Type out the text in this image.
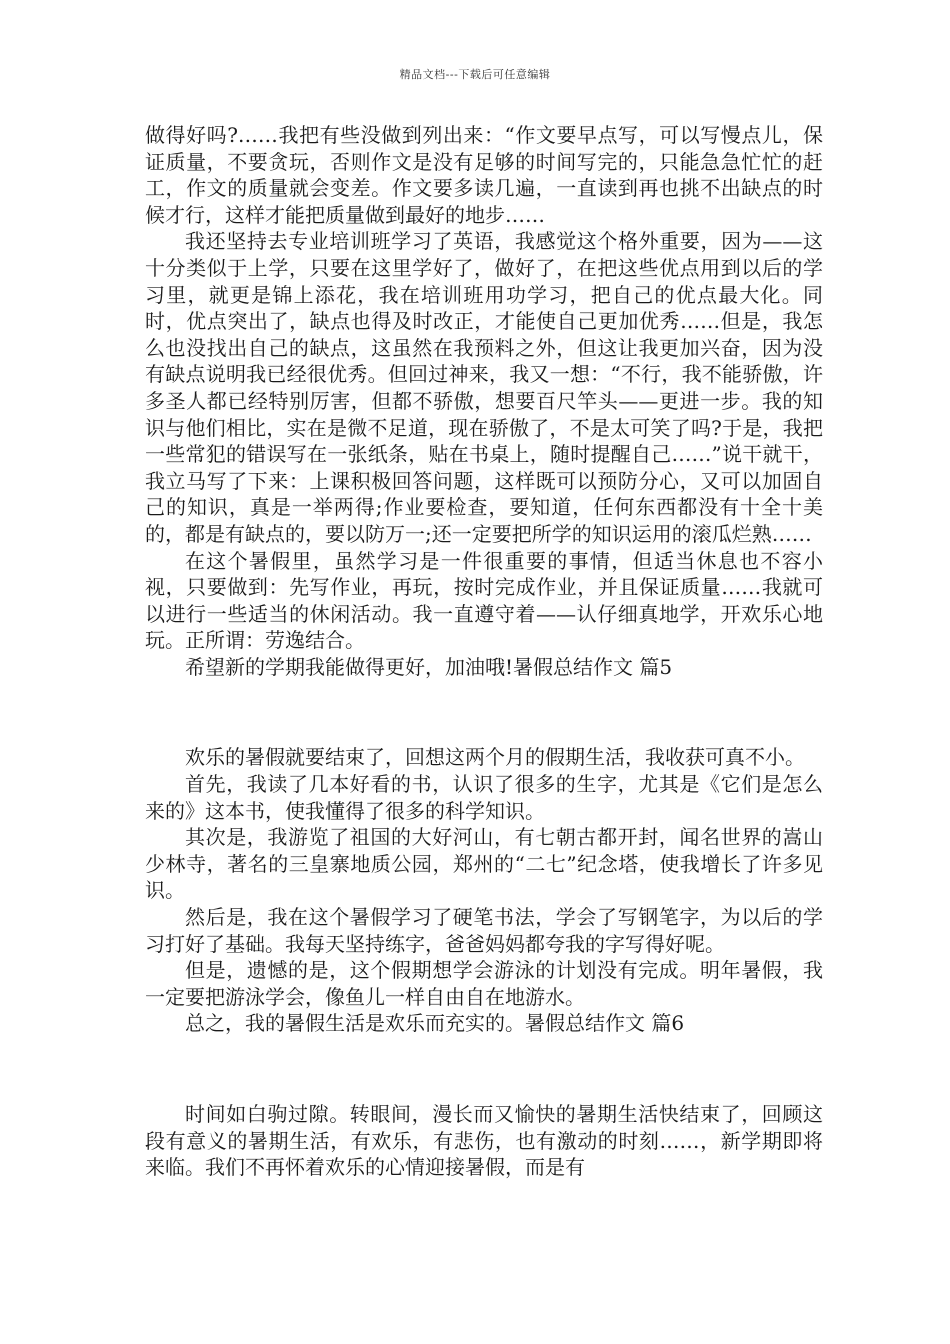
精品文档---下载后可任意编辑

做得好吗?……我把有些没做到列出来：“作文要早点写，可以写慢点儿，保证质量，不要贪玩，否则作文是没有足够的时间写完的，只能急急忙忙的赶工，作文的质量就会变差。作文要多读几遍，一直读到再也挑不出缺点的时候才行，这样才能把质量做到最好的地步……

我还坚持去专业培训班学习了英语，我感觉这个格外重要，因为——这十分类似于上学，只要在这里学好了，做好了，在把这些优点用到以后的学习里，就更是锦上添花，我在培训班用功学习，把自己的优点最大化。同时，优点突出了，缺点也得及时改正，才能使自己更加优秀……但是，我怎么也没找出自己的缺点，这虽然在我预料之外，但这让我更加兴奋，因为没有缺点说明我已经很优秀。但回过神来，我又一想：“不行，我不能骄傲，许多圣人都已经特别厉害，但都不骄傲，想要百尺竿头——更进一步。我的知识与他们相比，实在是微不足道，现在骄傲了，不是太可笑了吗?于是，我把一些常犯的错误写在一张纸条，贴在书桌上，随时提醒自己……”说干就干，我立马写了下来：上课积极回答问题，这样既可以预防分心，又可以加固自己的知识，真是一举两得;作业要检查，要知道，任何东西都没有十全十美的，都是有缺点的，要以防万一;还一定要把所学的知识运用的滚瓜烂熟……

在这个暑假里，虽然学习是一件很重要的事情，但适当休息也不容小视，只要做到：先写作业，再玩，按时完成作业，并且保证质量……我就可以进行一些适当的休闲活动。我一直遵守着——认仔细真地学，开欢乐心地玩。正所谓：劳逸结合。

希望新的学期我能做得更好，加油哦!暑假总结作文 篇5

欢乐的暑假就要结束了，回想这两个月的假期生活，我收获可真不小。

首先，我读了几本好看的书，认识了很多的生字，尤其是《它们是怎么来的》这本书，使我懂得了很多的科学知识。

其次是，我游览了祖国的大好河山，有七朝古都开封，闻名世界的嵩山少林寺，著名的三皇寨地质公园，郑州的“二七”纪念塔，使我增长了许多见识。

然后是，我在这个暑假学习了硬笔书法，学会了写钢笔字，为以后的学习打好了基础。我每天坚持练字，爸爸妈妈都夸我的字写得好呢。

但是，遗憾的是，这个假期想学会游泳的计划没有完成。明年暑假，我一定要把游泳学会，像鱼儿一样自由自在地游水。

总之，我的暑假生活是欢乐而充实的。暑假总结作文 篇6

时间如白驹过隙。转眼间，漫长而又愉快的暑期生活快结束了，回顾这段有意义的暑期生活，有欢乐，有悲伤，也有激动的时刻……，新学期即将来临。我们不再怀着欢乐的心情迎接暑假，而是有
